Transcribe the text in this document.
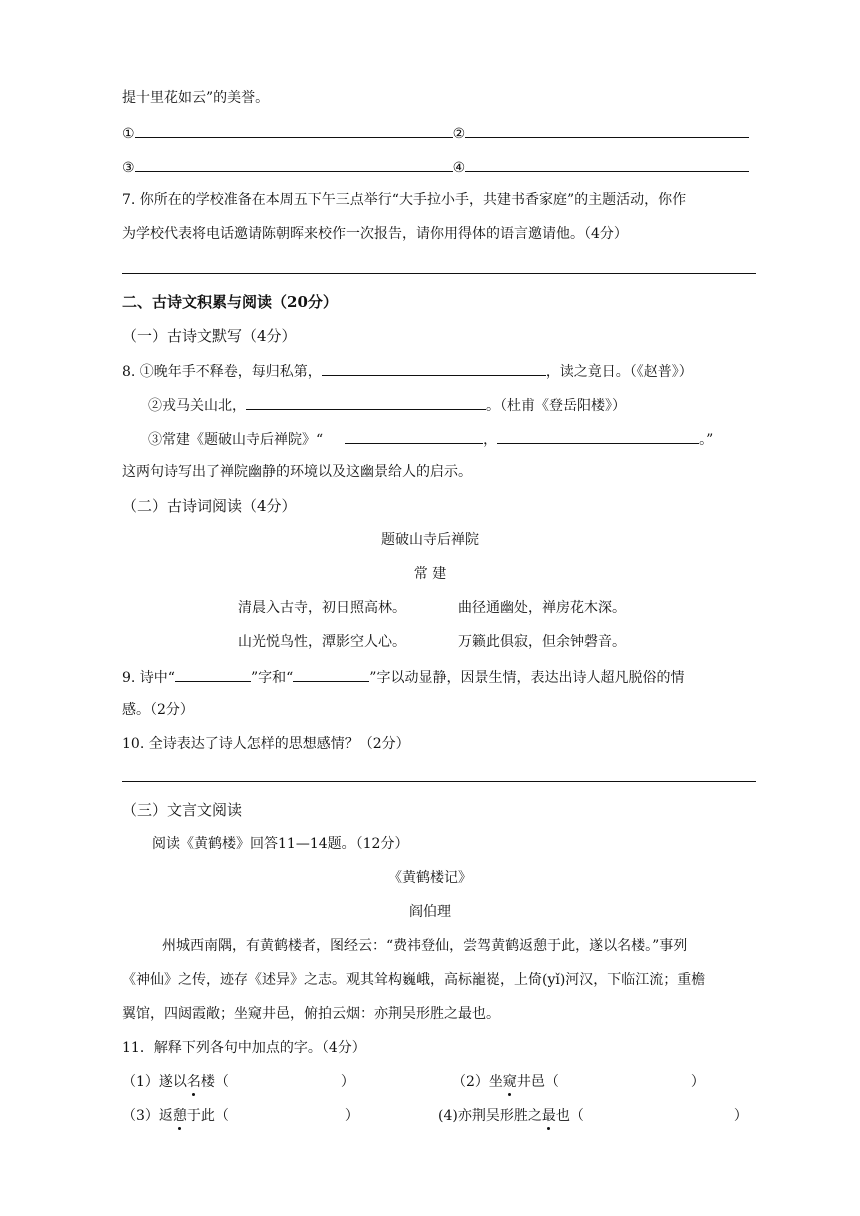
提十里花如云”的美誉。
①	②
③	④
7. 你所在的学校准备在本周五下午三点举行“大手拉小手，共建书香家庭”的主题活动，你作
为学校代表将电话邀请陈朝晖来校作一次报告，请你用得体的语言邀请他。（4分）
二、古诗文积累与阅读（20分）
（一）古诗文默写（4分）
8. ①晚年手不释卷，每归私第，	，读之竟日。（《赵普》）
②戎马关山北，	。（杜甫《登岳阳楼》）
③常建《题破山寺后禅院》“	，	。”
这两句诗写出了禅院幽静的环境以及这幽景给人的启示。
（二）古诗词阅读（4分）
题破山寺后禅院
常 建
清晨入古寺，初日照高林。	曲径通幽处，禅房花木深。
山光悦鸟性，潭影空人心。	万籁此俱寂，但余钟磬音。
9. 诗中“	”字和“	”字以动显静，因景生情，表达出诗人超凡脱俗的情
感。（2分）
10. 全诗表达了诗人怎样的思想感情？（2分）
（三）文言文阅读
阅读《黄鹤楼》回答11—14题。（12分）
《黄鹤楼记》
阎伯理
州城西南隅，有黄鹤楼者，图经云：“费祎登仙，尝驾黄鹤返憩于此，遂以名楼。”事列
《神仙》之传，迹存《述异》之志。观其耸构巍峨，高标巃嵸，上倚(yǐ)河汉，下临江流；重檐
翼馆，四闼霞敞；坐窥井邑，俯拍云烟：亦荆吴形胜之最也。
11．解释下列各句中加点的字。（4分）
（1）遂以名楼（	）	（2）坐窥井邑（	）
（3）返憩于此（	）	(4)亦荆吴形胜之最也（	）
